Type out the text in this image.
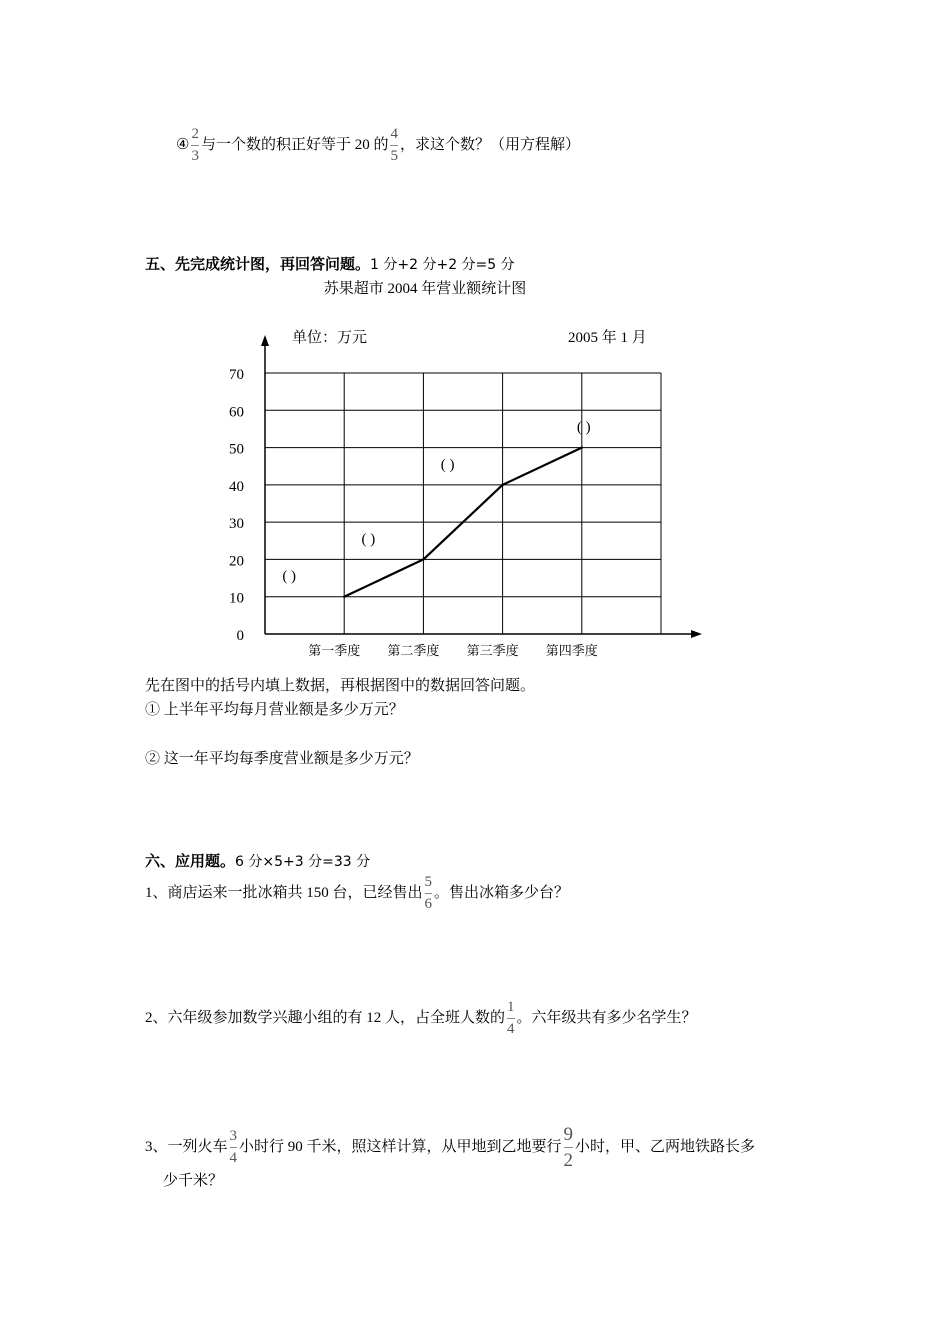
④ $\frac{2}{3}$ 与一个数的积正好等于 20 的 $\frac{4}{5}$ ，求这个数？（用方程解）
五、先完成统计图，再回答问题。1 分+2 分+2 分=5 分
苏果超市 2004 年营业额统计图
0
10
20
30
40
50
60
70
第一季度 第二季度 第三季度 第四季度
( )
( )
( )
( )
单位：万元	2005 年 1 月
先在图中的括号内填上数据，再根据图中的数据回答问题。
① 上半年平均每月营业额是多少万元？
② 这一年平均每季度营业额是多少万元？
六、应用题。6 分×5+3 分=33 分
1、商店运来一批冰箱共 150 台，已经售出 $\frac{5}{6}$ 。售出冰箱多少台？
2、六年级参加数学兴趣小组的有 12 人，占全班人数的 $\frac{1}{4}$ 。六年级共有多少名学生？
3、一列火车 $\frac{3}{4}$ 小时行 90 千米，照这样计算，从甲地到乙地要行 $\frac{9}{2}$ 小时，甲、乙两地铁路长多
少千米？
